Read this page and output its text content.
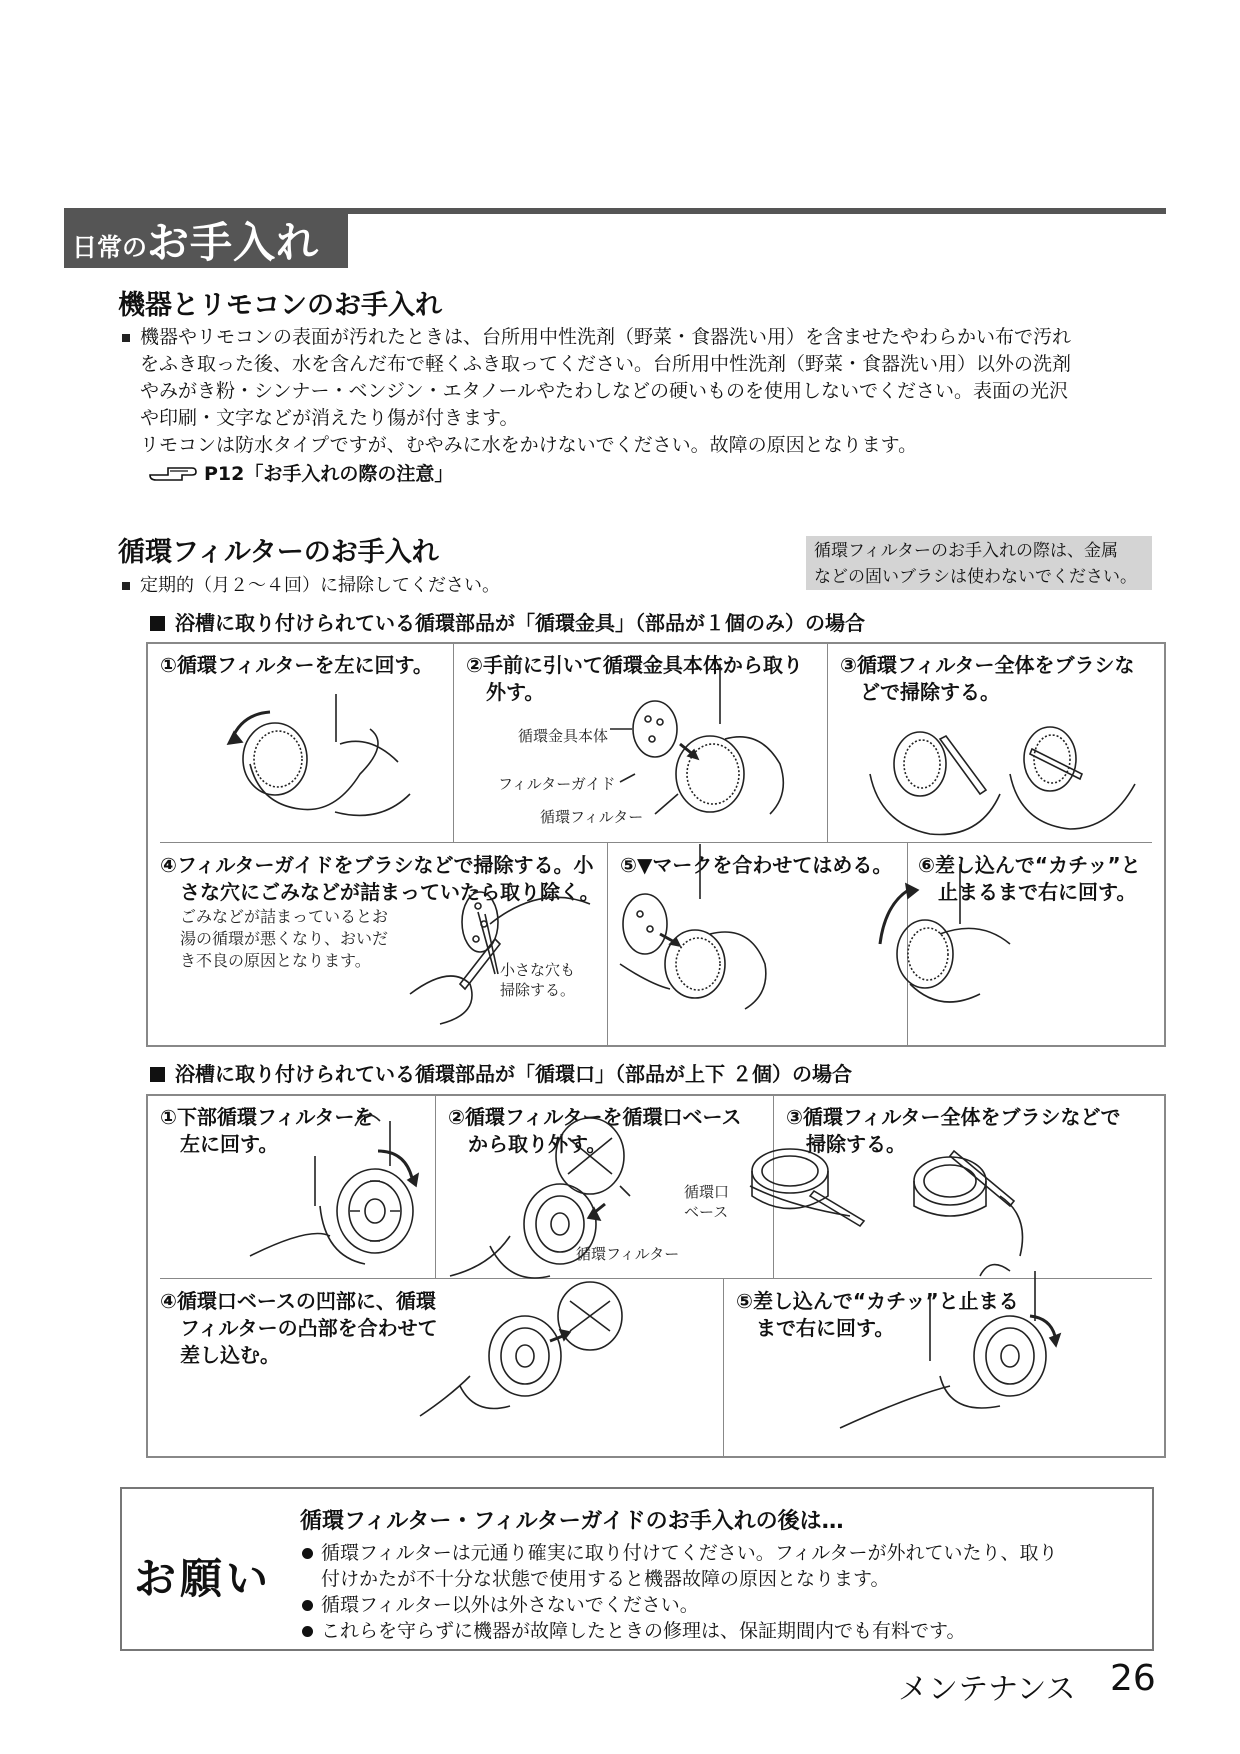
日常の お手入れ
機器とリモコンのお手入れ
機器やリモコンの表面が汚れたときは、台所用中性洗剤（野菜・食器洗い用）を含ませたやわらかい布で汚れ
をふき取った後、水を含んだ布で軽くふき取ってください。台所用中性洗剤（野菜・食器洗い用）以外の洗剤
やみがき粉・シンナー・ベンジン・エタノールやたわしなどの硬いものを使用しないでください。表面の光沢
や印刷・文字などが消えたり傷が付きます。
リモコンは防水タイプですが、むやみに水をかけないでください。故障の原因となります。
P12「お手入れの際の注意」
循環フィルターのお手入れ	循環フィルターのお手入れの際は、金属
などの固いブラシは使わないでください。
定期的（月２～４回）に掃除してください。
浴槽に取り付けられている循環部品が「循環金具」（部品が１個のみ）の場合
①循環フィルターを左に回す。 ②手前に引いて循環金具本体から取り
外す。
③循環フィルター全体をブラシな
どで掃除する。
④フィルターガイドをブラシなどで掃除する。小
さな穴にごみなどが詰まっていたら取り除く。
⑤▼マークを合わせてはめる。 ⑥差し込んで“カチッ”と
止まるまで右に回す。
ごみなどが詰まっているとお
湯の循環が悪くなり、おいだ
き不良の原因となります。
循環金具本体
フィルターガイド
循環フィルター
小さな穴も
掃除する。
浴槽に取り付けられている循環部品が「循環口」（部品が上下 ２個）の場合
①下部循環フィルターを
左に回す。
②循環フィルターを循環口ベース
から取り外す。
③循環フィルター全体をブラシなどで
掃除する。
④循環口ベースの凹部に、循環
フィルターの凸部を合わせて
差し込む。
⑤差し込んで“カチッ”と止まる
まで右に回す。
循環口
ベース
循環フィルター
お願い
循環フィルター・フィルターガイドのお手入れの後は…
循環フィルターは元通り確実に取り付けてください。フィルターが外れていたり、取り
付けかたが不十分な状態で使用すると機器故障の原因となります。
循環フィルター以外は外さないでください。
これらを守らずに機器が故障したときの修理は、保証期間内でも有料です。
メンテナンス 26
